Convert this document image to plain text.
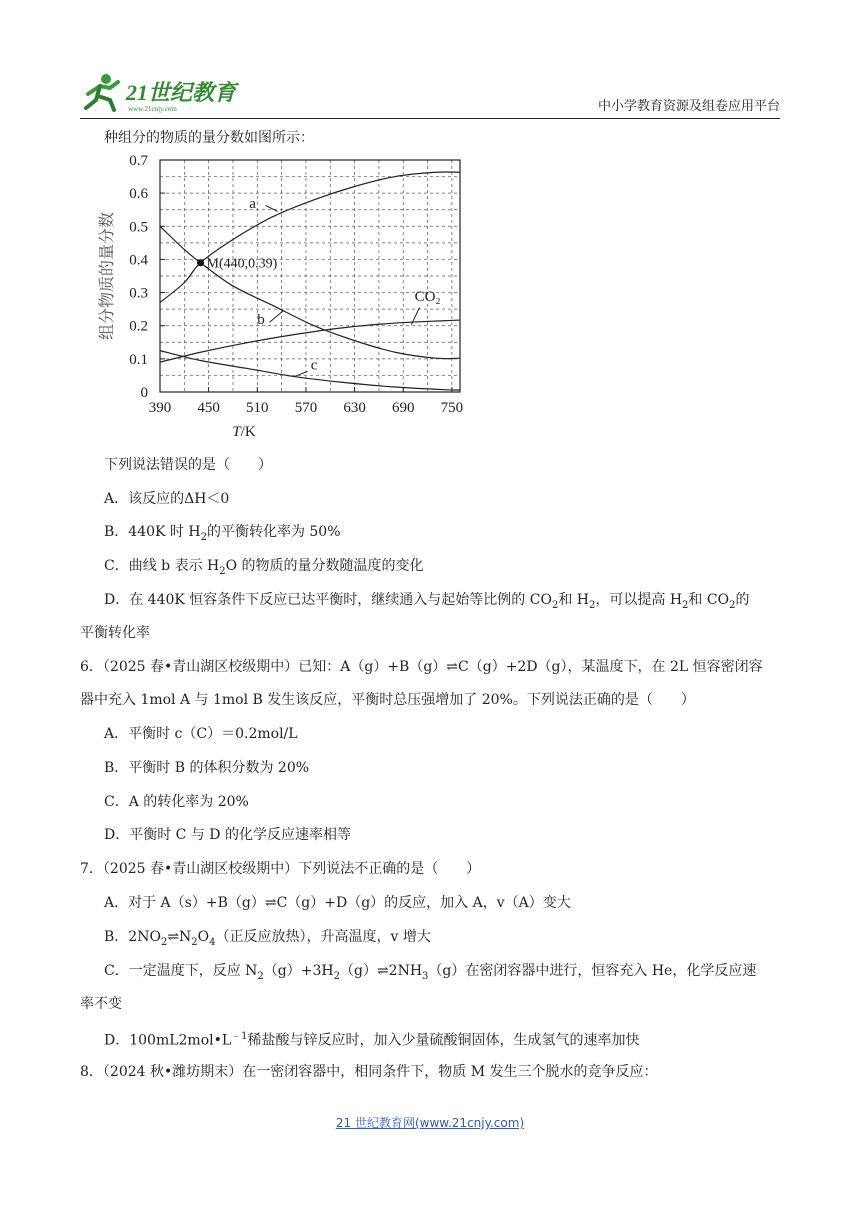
21世纪教育
www.21cnjy.com	中小学教育资源及组卷应用平台
种组分的物质的量分数如图所示：
390 450 510 570 630 690 750
0
0.1
0.2
0.3
0.4
0.5
0.6
0.7
T/K
组分物质的量分数
a
b
CO₂
c
M(440,0.39)
下列说法错误的是（　　）
A．该反应的ΔH＜0
B．440K 时 $H_2$的平衡转化率为 50%
C．曲线 b 表示 $H_2O$ 的物质的量分数随温度的变化
D．在 440K 恒容条件下反应已达平衡时，继续通入与起始等比例的 $CO_2$和 $H_2$，可以提高 $H_2$和 $CO_2$的
平衡转化率
6．（2025 春•青山湖区校级期中）已知：A（g）+B（g）⇌C（g）+2D（g），某温度下，在 2L 恒容密闭容
器中充入 1mol A 与 1mol B 发生该反应，平衡时总压强增加了 20%。下列说法正确的是（　　）
A．平衡时 c（C）＝0.2mol/L
B．平衡时 B 的体积分数为 20%
C．A 的转化率为 20%
D．平衡时 C 与 D 的化学反应速率相等
7．（2025 春•青山湖区校级期中）下列说法不正确的是（　　）
A．对于 A（s）+B（g）⇌C（g）+D（g）的反应，加入 A，v（A）变大
B．$2NO_2\rightleftharpoons N_2O_4$（正反应放热），升高温度，v 增大
C．一定温度下，反应 $N_2(g)+3H_2(g)\rightleftharpoons 2NH_3(g)$在密闭容器中进行，恒容充入 He，化学反应速
率不变
D．$100mL2mol•L^{﹣1}$稀盐酸与锌反应时，加入少量硫酸铜固体，生成氢气的速率加快
8．（2024 秋•潍坊期末）在一密闭容器中，相同条件下，物质 M 发生三个脱水的竞争反应：
21 世纪教育网(www.21cnjy.com)
